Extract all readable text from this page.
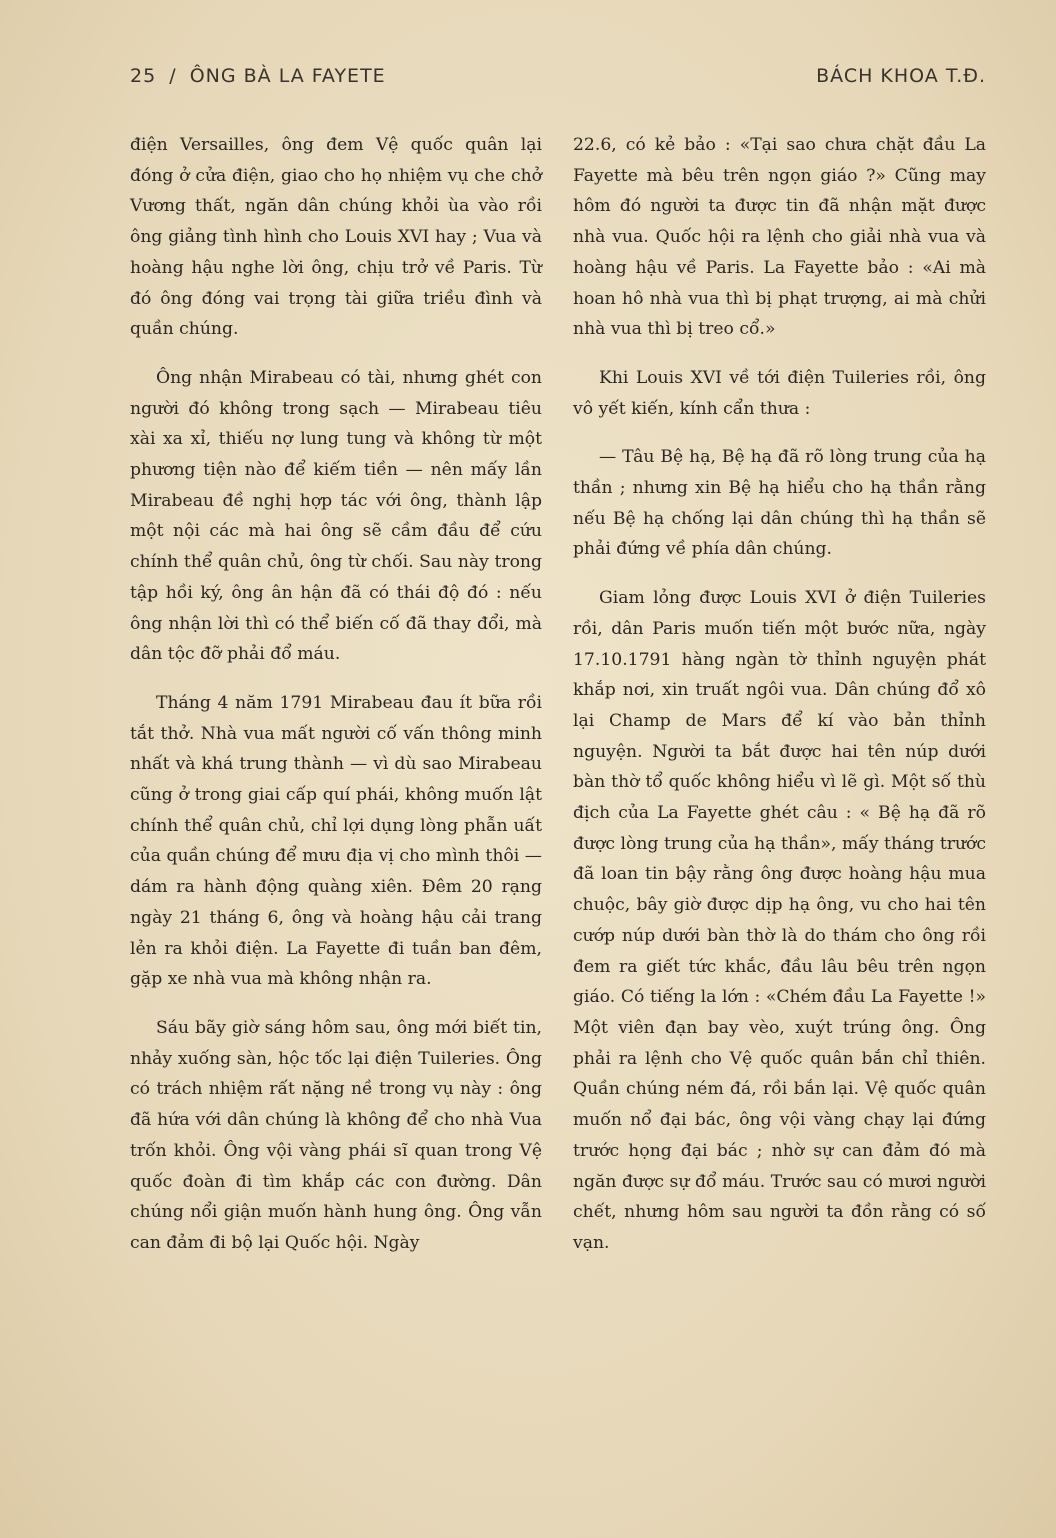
25 / ÔNG BÀ LA FAYETE	BÁCH KHOA T.Đ.

điện Versailles, ông đem Vệ quốc quân lại đóng ở cửa điện, giao cho họ nhiệm vụ che chở Vương thất, ngăn dân chúng khỏi ùa vào rồi ông giảng tình hình cho Louis XVI hay ; Vua và hoàng hậu nghe lời ông, chịu trở về Paris. Từ đó ông đóng vai trọng tài giữa triều đình và quần chúng.

Ông nhận Mirabeau có tài, nhưng ghét con người đó không trong sạch — Mirabeau tiêu xài xa xỉ, thiếu nợ lung tung và không từ một phương tiện nào để kiếm tiền — nên mấy lần Mirabeau đề nghị hợp tác với ông, thành lập một nội các mà hai ông sẽ cầm đầu để cứu chính thể quân chủ, ông từ chối. Sau này trong tập hồi ký, ông ân hận đã có thái độ đó : nếu ông nhận lời thì có thể biến cố đã thay đổi, mà dân tộc đỡ phải đổ máu.

Tháng 4 năm 1791 Mirabeau đau ít bữa rồi tắt thở. Nhà vua mất người cố vấn thông minh nhất và khá trung thành — vì dù sao Mirabeau cũng ở trong giai cấp quí phái, không muốn lật chính thể quân chủ, chỉ lợi dụng lòng phẫn uất của quần chúng để mưu địa vị cho mình thôi — dám ra hành động quàng xiên. Đêm 20 rạng ngày 21 tháng 6, ông và hoàng hậu cải trang lẻn ra khỏi điện. La Fayette đi tuần ban đêm, gặp xe nhà vua mà không nhận ra.

Sáu bãy giờ sáng hôm sau, ông mới biết tin, nhảy xuống sàn, hộc tốc lại điện Tuileries. Ông có trách nhiệm rất nặng nề trong vụ này : ông đã hứa với dân chúng là không để cho nhà Vua trốn khỏi. Ông vội vàng phái sĩ quan trong Vệ quốc đoàn đi tìm khắp các con đường. Dân chúng nổi giận muốn hành hung ông. Ông vẫn can đảm đi bộ lại Quốc hội. Ngày

22.6, có kẻ bảo : «Tại sao chưa chặt đầu La Fayette mà bêu trên ngọn giáo ?» Cũng may hôm đó người ta được tin đã nhận mặt được nhà vua. Quốc hội ra lệnh cho giải nhà vua và hoàng hậu về Paris. La Fayette bảo : «Ai mà hoan hô nhà vua thì bị phạt trượng, ai mà chửi nhà vua thì bị treo cổ.»

Khi Louis XVI về tới điện Tuileries rồi, ông vô yết kiến, kính cẩn thưa :

— Tâu Bệ hạ, Bệ hạ đã rõ lòng trung của hạ thần ; nhưng xin Bệ hạ hiểu cho hạ thần rằng nếu Bệ hạ chống lại dân chúng thì hạ thần sẽ phải đứng về phía dân chúng.

Giam lỏng được Louis XVI ở điện Tuileries rồi, dân Paris muốn tiến một bước nữa, ngày 17.10.1791 hàng ngàn tờ thỉnh nguyện phát khắp nơi, xin truất ngôi vua. Dân chúng đổ xô lại Champ de Mars để kí vào bản thỉnh nguyện. Người ta bắt được hai tên núp dưới bàn thờ tổ quốc không hiểu vì lẽ gì. Một số thù địch của La Fayette ghét câu : « Bệ hạ đã rõ được lòng trung của hạ thần», mấy tháng trước đã loan tin bậy rằng ông được hoàng hậu mua chuộc, bây giờ được dịp hạ ông, vu cho hai tên cướp núp dưới bàn thờ là do thám cho ông rồi đem ra giết tức khắc, đầu lâu bêu trên ngọn giáo. Có tiếng la lớn : «Chém đầu La Fayette !» Một viên đạn bay vèo, xuýt trúng ông. Ông phải ra lệnh cho Vệ quốc quân bắn chỉ thiên. Quần chúng ném đá, rồi bắn lại. Vệ quốc quân muốn nổ đại bác, ông vội vàng chạy lại đứng trước họng đại bác ; nhờ sự can đảm đó mà ngăn được sự đổ máu. Trước sau có mươi người chết, nhưng hôm sau người ta đồn rằng có số vạn.
